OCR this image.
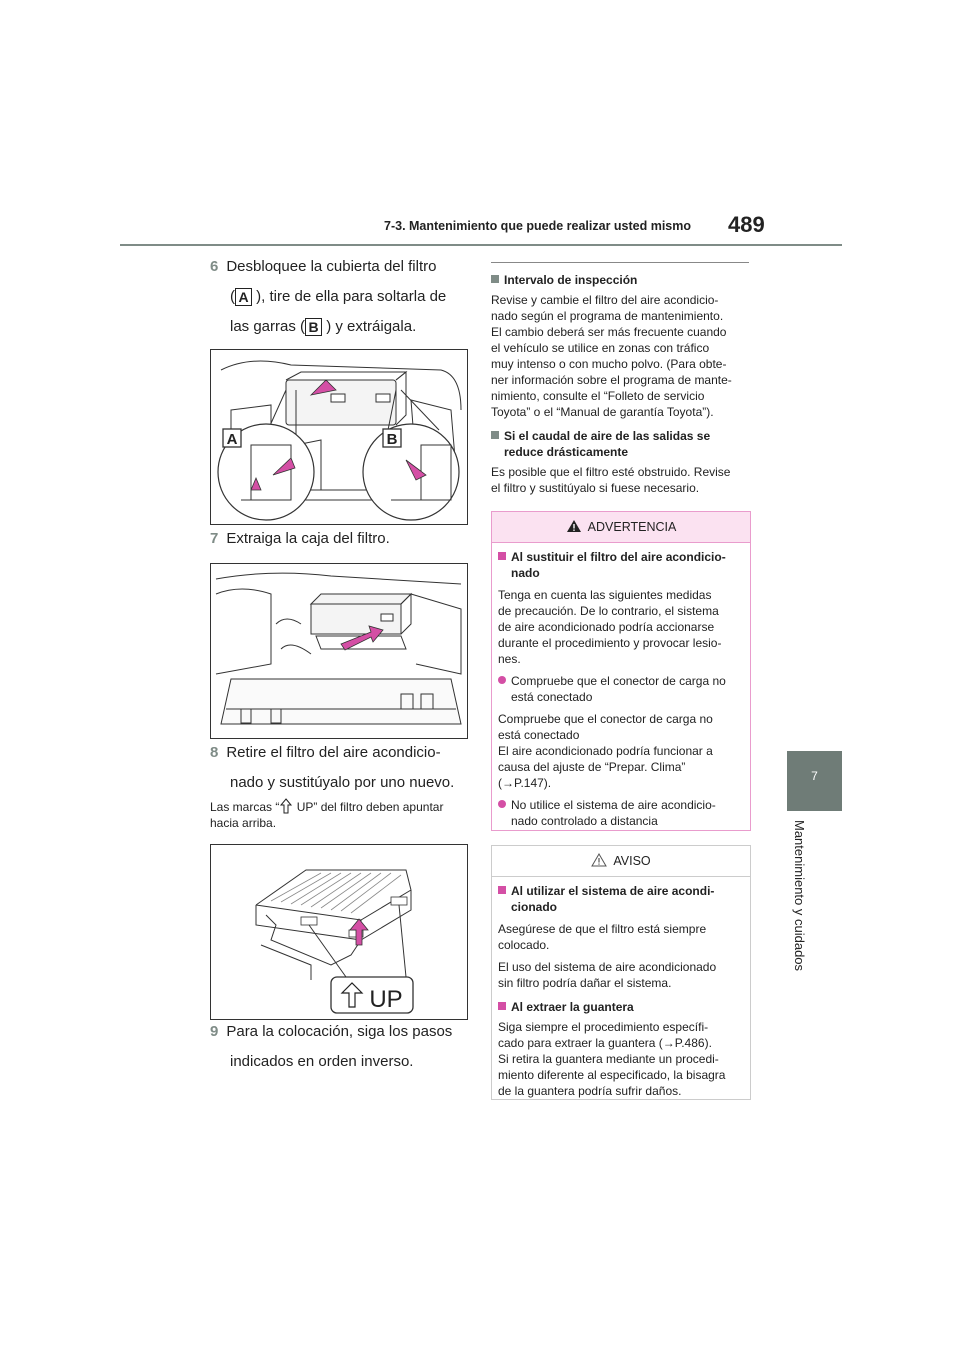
7-3. Mantenimiento que puede realizar usted mismo 489
7
Mantenimiento y cuidados
6 Desbloquee la cubierta del filtro
( A ), tire de ella para soltarla de
las garras ( B ) y extráigala.
A	B
7 Extraiga la caja del filtro.
8 Retire el filtro del aire acondicio-
nado y sustitúyalo por uno nuevo.
Las marcas “ UP” del filtro deben apuntar
hacia arriba.
UP
9 Para la colocación, siga los pasos
indicados en orden inverso.
Intervalo de inspección
Revise y cambie el filtro del aire acondicio-
nado según el programa de mantenimiento.
El cambio deberá ser más frecuente cuando
el vehículo se utilice en zonas con tráfico
muy intenso o con mucho polvo. (Para obte-
ner información sobre el programa de mante-
nimiento, consulte el “Folleto de servicio
Toyota” o el “Manual de garantía Toyota”).
Si el caudal de aire de las salidas se
reduce drásticamente
Es posible que el filtro esté obstruido. Revise
el filtro y sustitúyalo si fuese necesario.
ADVERTENCIA
Al sustituir el filtro del aire acondicio-
nado

Tenga en cuenta las siguientes medidas
de precaución. De lo contrario, el sistema
de aire acondicionado podría accionarse
durante el procedimiento y provocar lesio-
nes.

Compruebe que el conector de carga no
está conectado

Compruebe que el conector de carga no
está conectado
El aire acondicionado podría funcionar a
causa del ajuste de “Prepar. Clima”
(→P.147).

No utilice el sistema de aire acondicio-
nado controlado a distancia

AVISO
Al utilizar el sistema de aire acondi-
cionado

Asegúrese de que el filtro está siempre
colocado.

El uso del sistema de aire acondicionado
sin filtro podría dañar el sistema.

Al extraer la guantera

Siga siempre el procedimiento específi-
cado para extraer la guantera (→P.486).
Si retira la guantera mediante un procedi-
miento diferente al especificado, la bisagra
de la guantera podría sufrir daños.
